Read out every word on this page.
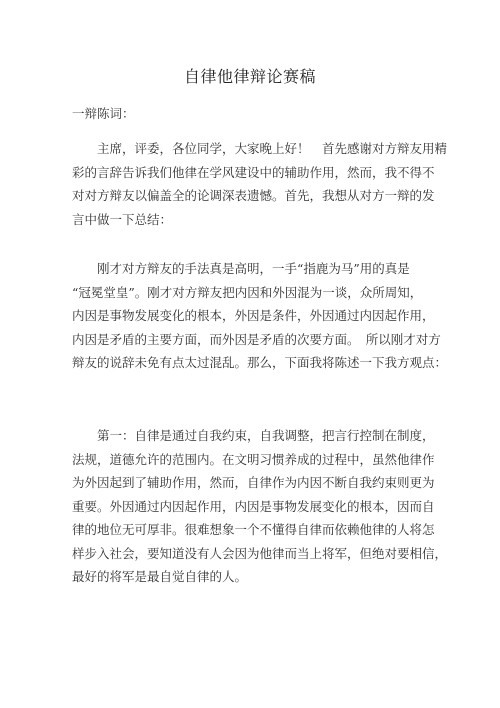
自律他律辩论赛稿
一辩陈词：
　　主席，评委，各位同学，大家晚上好！　首先感谢对方辩友用精
彩的言辞告诉我们他律在学风建设中的辅助作用，然而，我不得不
对对方辩友以偏盖全的论调深表遗憾。首先，我想从对方一辩的发
言中做一下总结：
　　刚才对方辩友的手法真是高明，一手“指鹿为马”用的真是
“冠冕堂皇”。刚才对方辩友把内因和外因混为一谈，众所周知，
内因是事物发展变化的根本，外因是条件，外因通过内因起作用，
内因是矛盾的主要方面，而外因是矛盾的次要方面。　所以刚才对方
辩友的说辞未免有点太过混乱。那么，下面我将陈述一下我方观点：
　　第一：自律是通过自我约束，自我调整，把言行控制在制度，
法规，道德允许的范围内。在文明习惯养成的过程中，虽然他律作
为外因起到了辅助作用，然而，自律作为内因不断自我约束则更为
重要。外因通过内因起作用，内因是事物发展变化的根本，因而自
律的地位无可厚非。很难想象一个不懂得自律而依赖他律的人将怎
样步入社会，要知道没有人会因为他律而当上将军，但绝对要相信，
最好的将军是最自觉自律的人。
